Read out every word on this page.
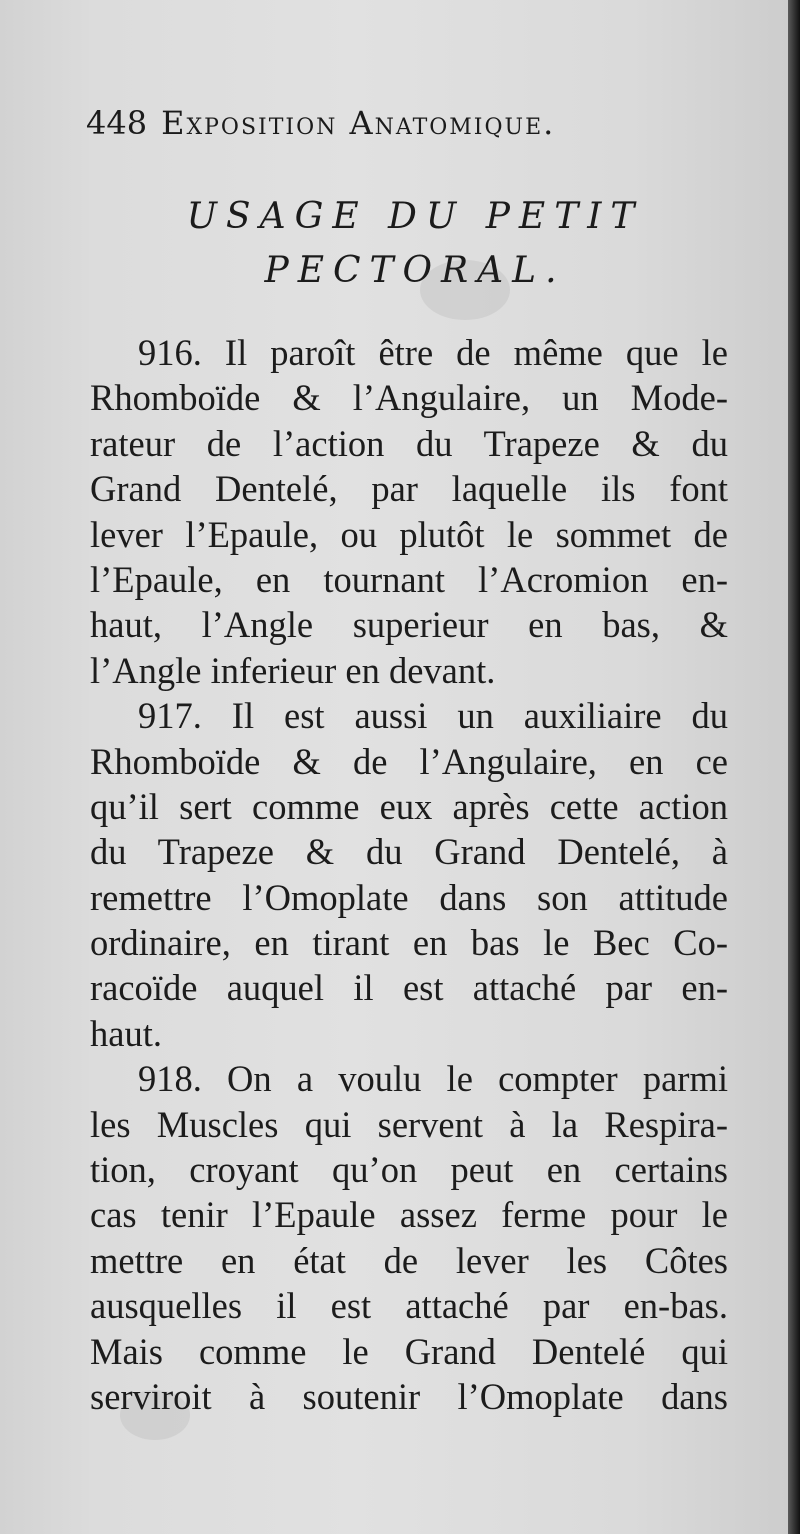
448 Exposition Anatomique.
USAGE DU PETIT
PECTORAL.
916. Il paroît être de même que le
Rhomboïde & l’Angulaire, un Mode-
rateur de l’action du Trapeze & du
Grand Dentelé, par laquelle ils font
lever l’Epaule, ou plutôt le sommet de
l’Epaule, en tournant l’Acromion en-
haut, l’Angle superieur en bas, &
l’Angle inferieur en devant.
917. Il est aussi un auxiliaire du
Rhomboïde & de l’Angulaire, en ce
qu’il sert comme eux après cette action
du Trapeze & du Grand Dentelé, à
remettre l’Omoplate dans son attitude
ordinaire, en tirant en bas le Bec Co-
racoïde auquel il est attaché par en-
haut.
918. On a voulu le compter parmi
les Muscles qui servent à la Respira-
tion, croyant qu’on peut en certains
cas tenir l’Epaule assez ferme pour le
mettre en état de lever les Côtes
ausquelles il est attaché par en-bas.
Mais comme le Grand Dentelé qui
serviroit à soutenir l’Omoplate dans
